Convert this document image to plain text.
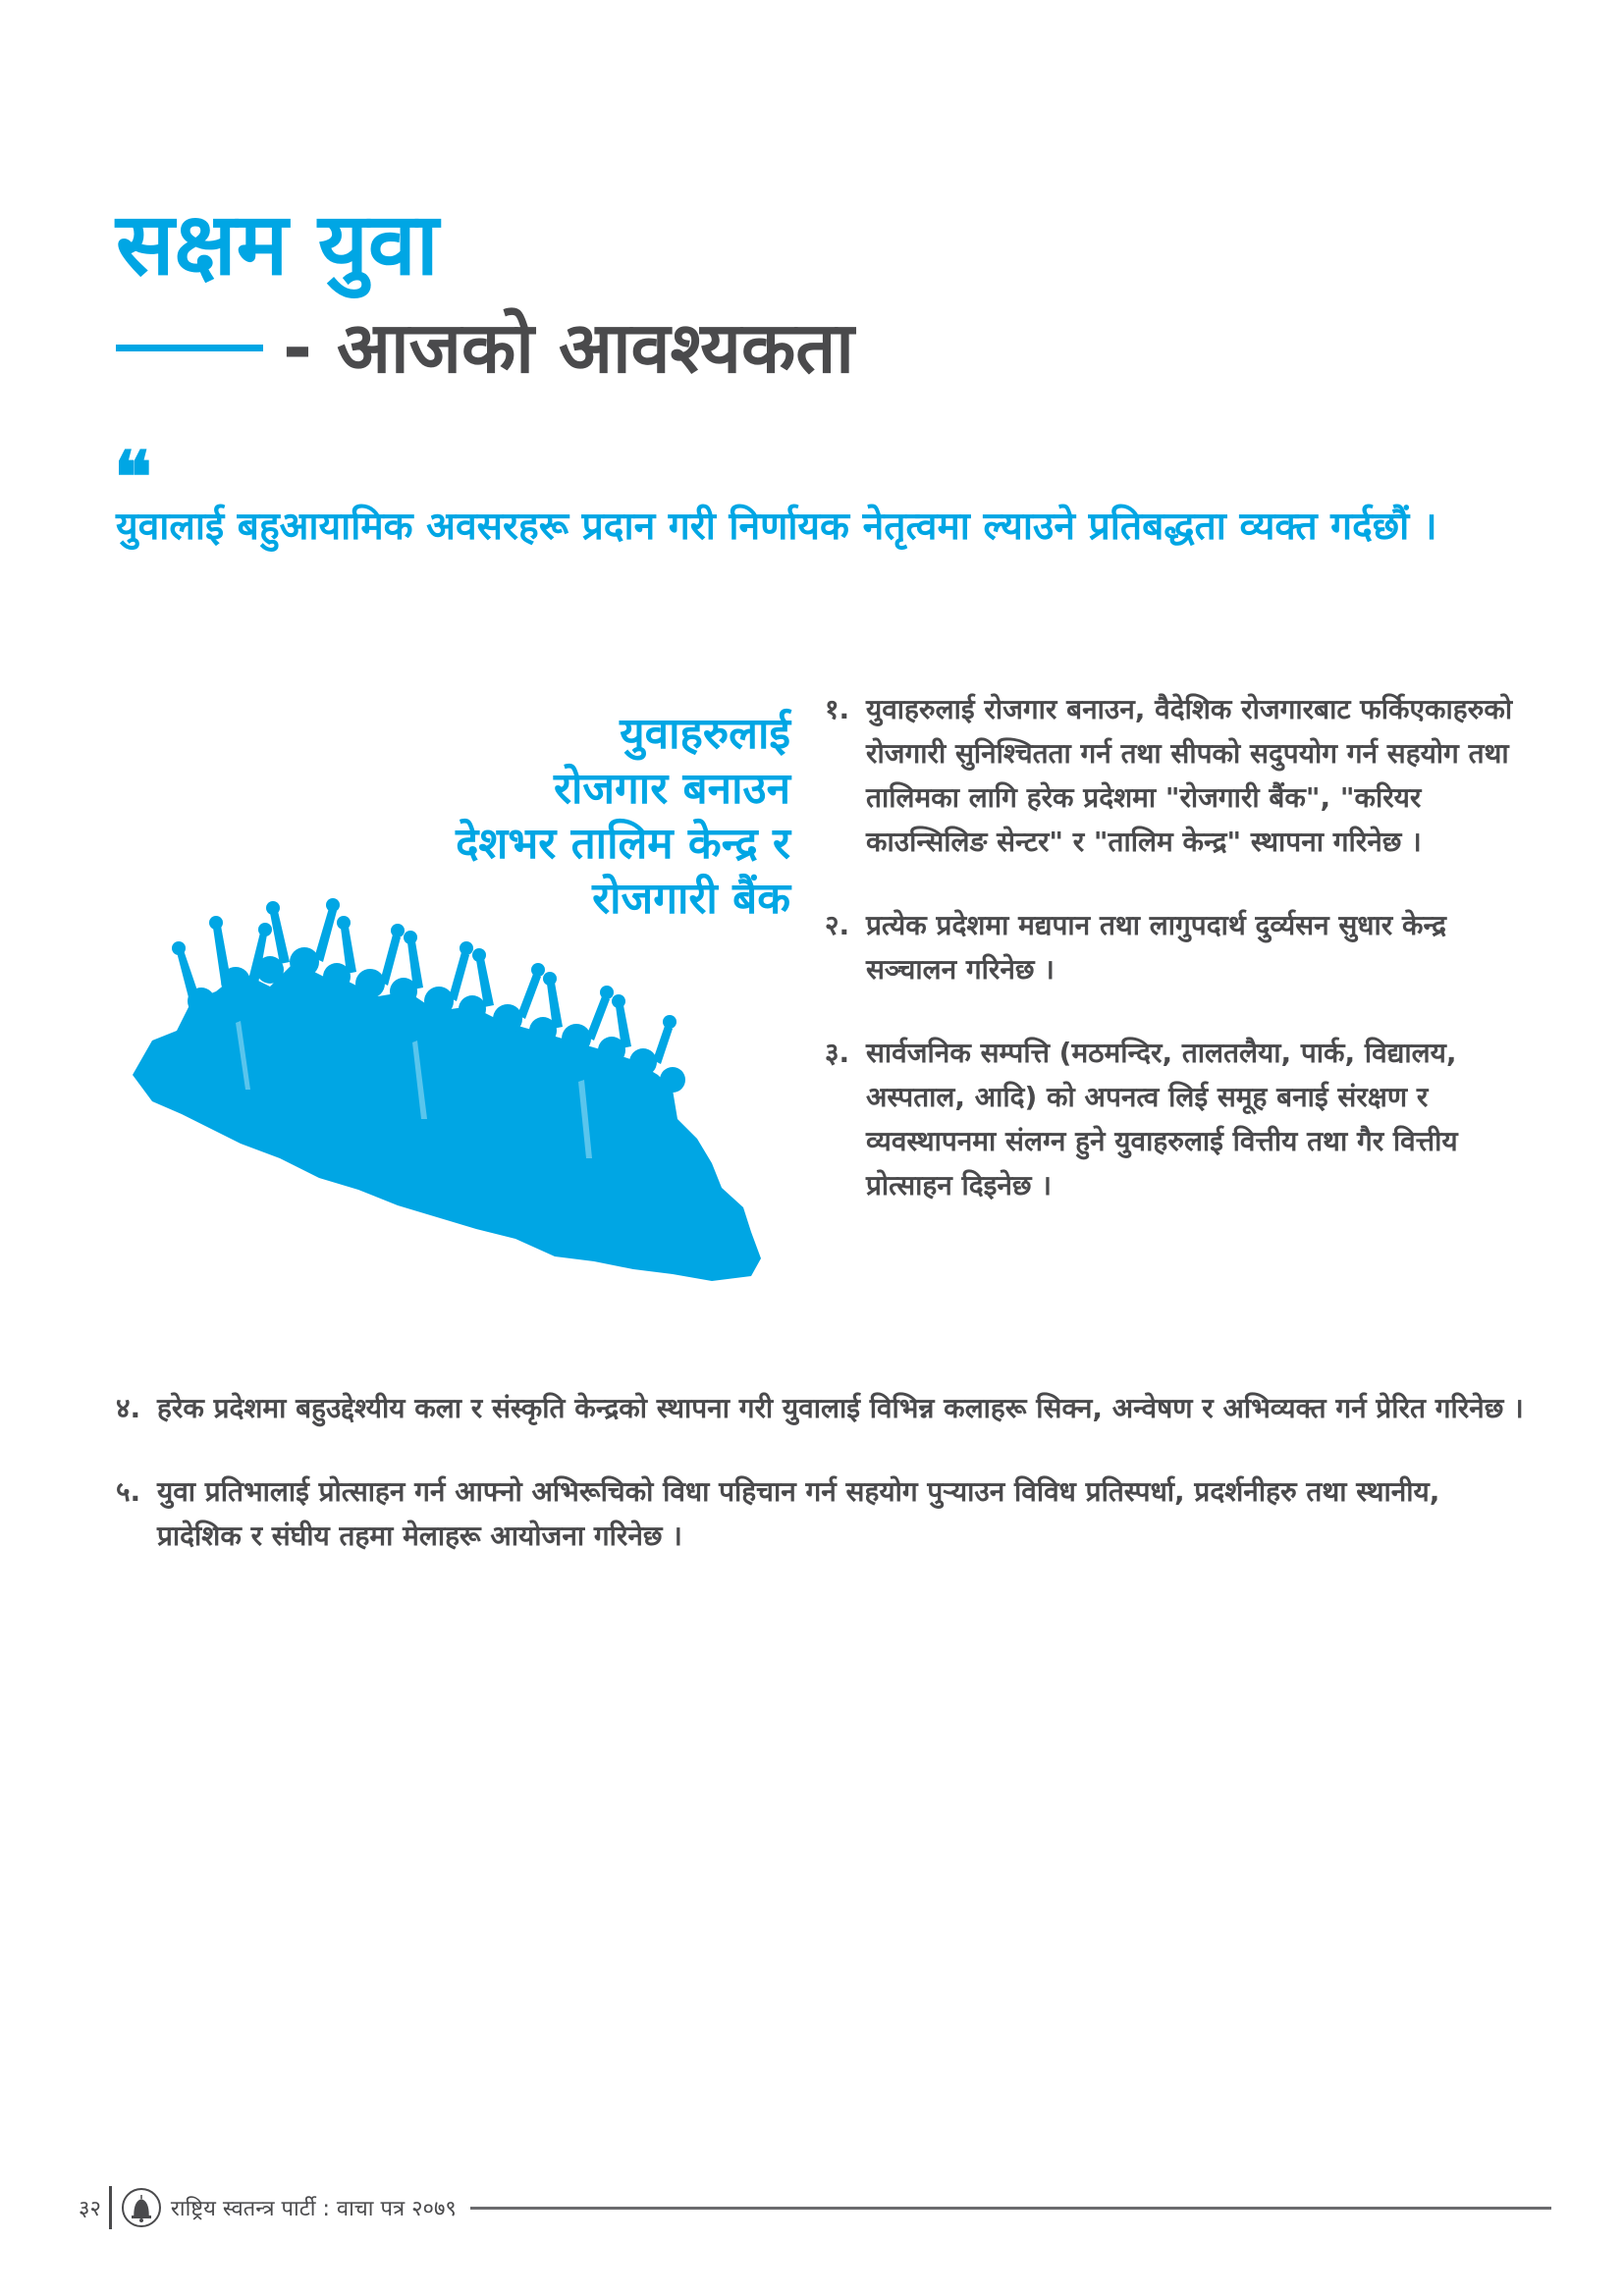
सक्षम युवा
- आजको आवश्यकता
❝
युवालाई बहुआयामिक अवसरहरू प्रदान गरी निर्णायक नेतृत्वमा ल्याउने प्रतिबद्धता व्यक्त गर्दछौं ।
युवाहरुलाई
रोजगार बनाउन
देशभर तालिम केन्द्र र
रोजगारी बैंक
१. युवाहरुलाई रोजगार बनाउन, वैदेशिक रोजगारबाट फर्किएकाहरुको रोजगारी सुनिश्चितता गर्न तथा सीपको सदुपयोग गर्न सहयोग तथा तालिमका लागि हरेक प्रदेशमा "रोजगारी बैंक", "करियर काउन्सिलिङ सेन्टर" र "तालिम केन्द्र" स्थापना गरिनेछ ।
२. प्रत्येक प्रदेशमा मद्यपान तथा लागुपदार्थ दुर्व्यसन सुधार केन्द्र सञ्चालन गरिनेछ ।
३. सार्वजनिक सम्पत्ति (मठमन्दिर, तालतलैया, पार्क, विद्यालय, अस्पताल, आदि) को अपनत्व लिई समूह बनाई संरक्षण र व्यवस्थापनमा संलग्न हुने युवाहरुलाई वित्तीय तथा गैर वित्तीय प्रोत्साहन दिइनेछ ।
४. हरेक प्रदेशमा बहुउद्देश्यीय कला र संस्कृति केन्द्रको स्थापना गरी युवालाई विभिन्न कलाहरू सिक्न, अन्वेषण र अभिव्यक्त गर्न प्रेरित गरिनेछ ।
५. युवा प्रतिभालाई प्रोत्साहन गर्न आफ्नो अभिरूचिको विधा पहिचान गर्न सहयोग पुऱ्याउन विविध प्रतिस्पर्धा, प्रदर्शनीहरु तथा स्थानीय, प्रादेशिक र संघीय तहमा मेलाहरू आयोजना गरिनेछ ।
३२	राष्ट्रिय स्वतन्त्र पार्टी : वाचा पत्र २०७९
